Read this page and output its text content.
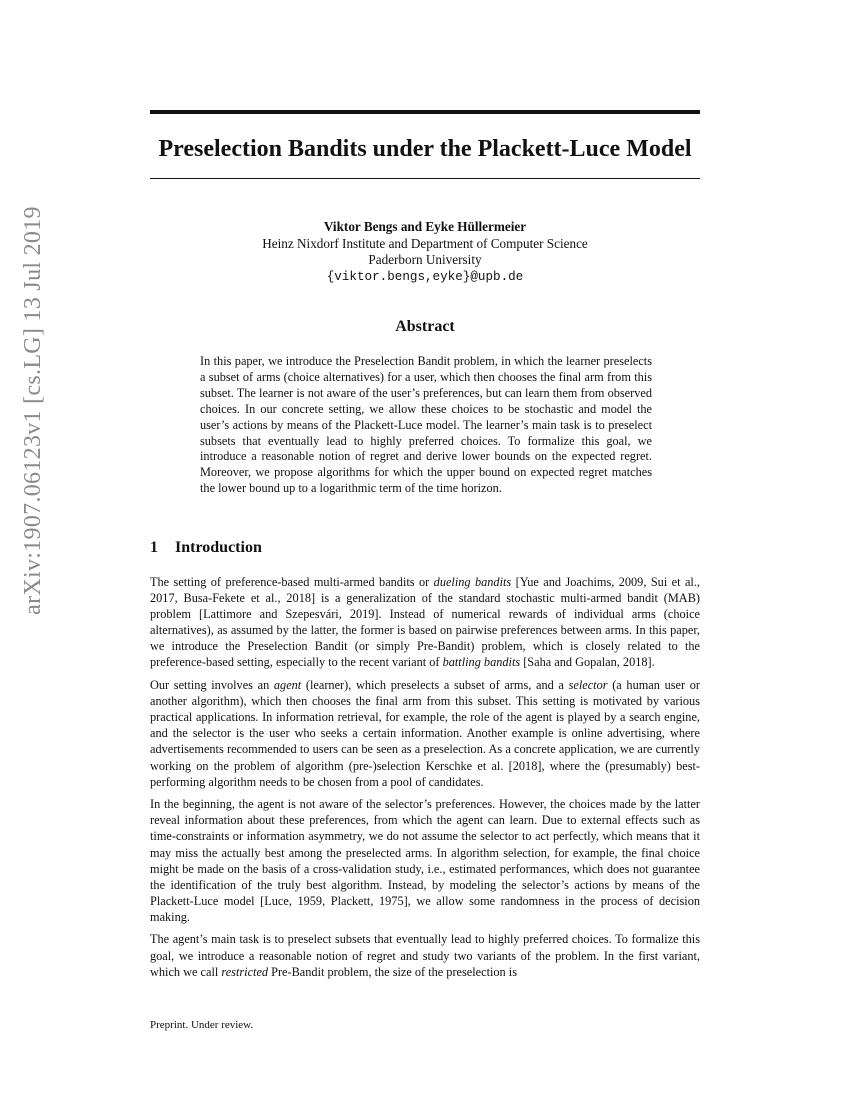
arXiv:1907.06123v1 [cs.LG] 13 Jul 2019
Preselection Bandits under the Plackett-Luce Model
Viktor Bengs and Eyke Hüllermeier
Heinz Nixdorf Institute and Department of Computer Science
Paderborn University
{viktor.bengs,eyke}@upb.de
Abstract
In this paper, we introduce the Preselection Bandit problem, in which the learner preselects a subset of arms (choice alternatives) for a user, which then chooses the final arm from this subset. The learner is not aware of the user’s preferences, but can learn them from observed choices. In our concrete setting, we allow these choices to be stochastic and model the user’s actions by means of the Plackett-Luce model. The learner’s main task is to preselect subsets that eventually lead to highly preferred choices. To formalize this goal, we introduce a reasonable notion of regret and derive lower bounds on the expected regret. Moreover, we propose algorithms for which the upper bound on expected regret matches the lower bound up to a logarithmic term of the time horizon.
1 Introduction

The setting of preference-based multi-armed bandits or dueling bandits [Yue and Joachims, 2009, Sui et al., 2017, Busa-Fekete et al., 2018] is a generalization of the standard stochastic multi-armed bandit (MAB) problem [Lattimore and Szepesvári, 2019]. Instead of numerical rewards of individual arms (choice alternatives), as assumed by the latter, the former is based on pairwise preferences between arms. In this paper, we introduce the Preselection Bandit (or simply Pre-Bandit) problem, which is closely related to the preference-based setting, especially to the recent variant of battling bandits [Saha and Gopalan, 2018].

Our setting involves an agent (learner), which preselects a subset of arms, and a selector (a human user or another algorithm), which then chooses the final arm from this subset. This setting is motivated by various practical applications. In information retrieval, for example, the role of the agent is played by a search engine, and the selector is the user who seeks a certain information. Another example is online advertising, where advertisements recommended to users can be seen as a preselection. As a concrete application, we are currently working on the problem of algorithm (pre-)selection Kerschke et al. [2018], where the (presumably) best-performing algorithm needs to be chosen from a pool of candidates.

In the beginning, the agent is not aware of the selector’s preferences. However, the choices made by the latter reveal information about these preferences, from which the agent can learn. Due to external effects such as time-constraints or information asymmetry, we do not assume the selector to act perfectly, which means that it may miss the actually best among the preselected arms. In algorithm selection, for example, the final choice might be made on the basis of a cross-validation study, i.e., estimated performances, which does not guarantee the identification of the truly best algorithm. Instead, by modeling the selector’s actions by means of the Plackett-Luce model [Luce, 1959, Plackett, 1975], we allow some randomness in the process of decision making.

The agent’s main task is to preselect subsets that eventually lead to highly preferred choices. To formalize this goal, we introduce a reasonable notion of regret and study two variants of the problem. In the first variant, which we call restricted Pre-Bandit problem, the size of the preselection is

Preprint. Under review.
